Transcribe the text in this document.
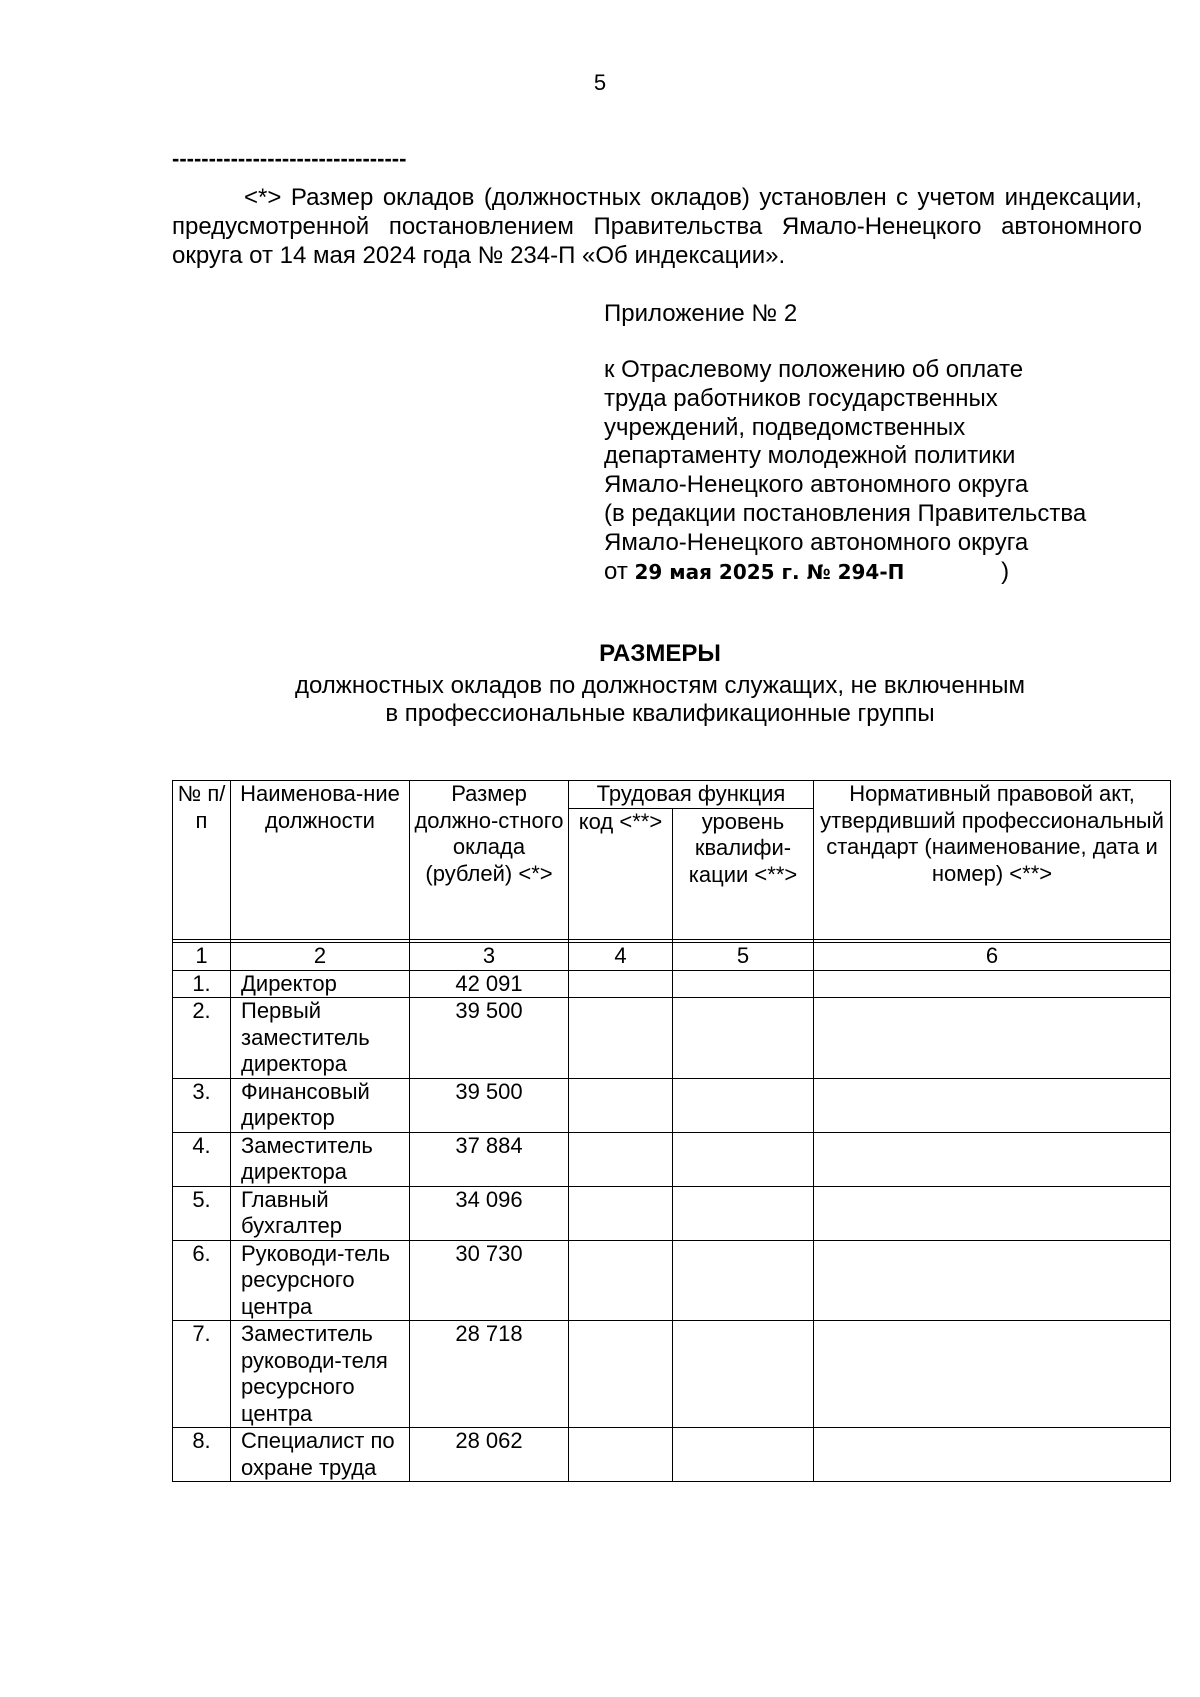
5
--------------------------------

<*> Размер окладов (должностных окладов) установлен с учетом индексации, предусмотренной постановлением Правительства Ямало-Ненецкого автономного округа от 14 мая 2024 года № 234-П «Об индексации».

Приложение № 2
к Отраслевому положению об оплате
труда работников государственных
учреждений, подведомственных
департаменту молодежной политики
Ямало-Ненецкого автономного округа
(в редакции постановления Правительства
Ямало-Ненецкого автономного округа
от 29 мая 2025 г. № 294-П	)
РАЗМЕРЫ
должностных окладов по должностям служащих, не включенным
в профессиональные квалификационные группы
№ п/п	Наименова-ние должности	Размер должно-стного оклада (рублей) <*>	Трудовая функция		Нормативный правовой акт, утвердивший профессиональный стандарт (наименование, дата и номер) <**>
			код <**>	уровень квалифи-кации <**>	

1	2	3	4	5	6
1.	Директор	42 091			
2.	Первый заместитель директора	39 500			
3.	Финансовый директор	39 500			
4.	Заместитель директора	37 884			
5.	Главный бухгалтер	34 096			
6.	Руководи-тель ресурсного центра	30 730			
7.	Заместитель руководи-теля ресурсного центра	28 718			
8.	Специалист по охране труда	28 062			
